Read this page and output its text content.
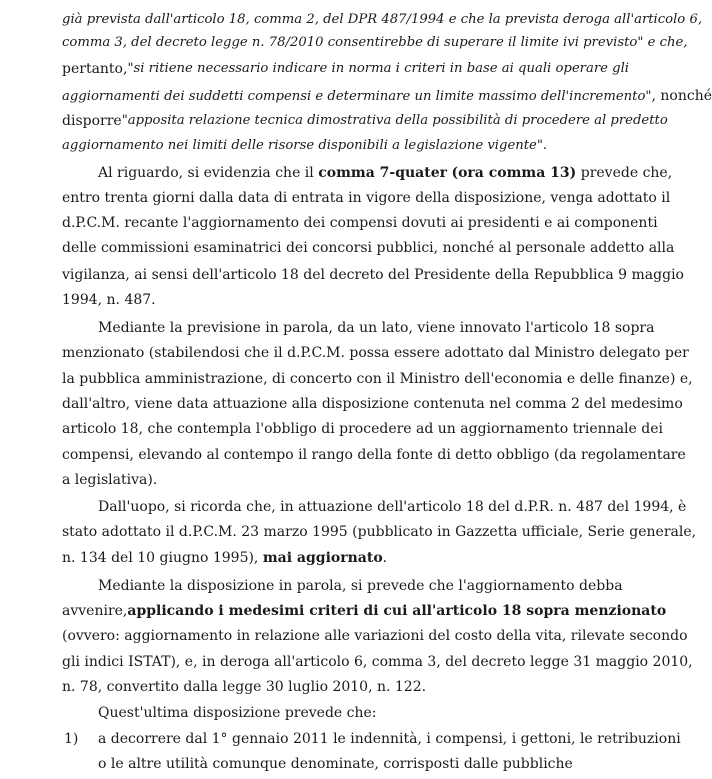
già prevista dall'articolo 18, comma 2, del DPR 487/1994 e che la prevista deroga all'articolo 6,
comma 3, del decreto legge n. 78/2010 consentirebbe di superare il limite ivi previsto" e che,
pertanto, "si ritiene necessario indicare in norma i criteri in base ai quali operare gli
aggiornamenti dei suddetti compensi e determinare un limite massimo dell'incremento", nonché
disporre "apposita relazione tecnica dimostrativa della possibilità di procedere al predetto
aggiornamento nei limiti delle risorse disponibili a legislazione vigente".
Al riguardo, si evidenzia che il comma 7-quater (ora comma 13) prevede che,
entro trenta giorni dalla data di entrata in vigore della disposizione, venga adottato il
d.P.C.M. recante l'aggiornamento dei compensi dovuti ai presidenti e ai componenti
delle commissioni esaminatrici dei concorsi pubblici, nonché al personale addetto alla
vigilanza, ai sensi dell'articolo 18 del decreto del Presidente della Repubblica 9 maggio
1994, n. 487.
Mediante la previsione in parola, da un lato, viene innovato l'articolo 18 sopra
menzionato (stabilendosi che il d.P.C.M. possa essere adottato dal Ministro delegato per
la pubblica amministrazione, di concerto con il Ministro dell'economia e delle finanze) e,
dall'altro, viene data attuazione alla disposizione contenuta nel comma 2 del medesimo
articolo 18, che contempla l'obbligo di procedere ad un aggiornamento triennale dei
compensi, elevando al contempo il rango della fonte di detto obbligo (da regolamentare
a legislativa).
Dall'uopo, si ricorda che, in attuazione dell'articolo 18 del d.P.R. n. 487 del 1994, è
stato adottato il d.P.C.M. 23 marzo 1995 (pubblicato in Gazzetta ufficiale, Serie generale,
n. 134 del 10 giugno 1995), mai aggiornato.
Mediante la disposizione in parola, si prevede che l'aggiornamento debba
avvenire, applicando i medesimi criteri di cui all'articolo 18 sopra menzionato
(ovvero: aggiornamento in relazione alle variazioni del costo della vita, rilevate secondo
gli indici ISTAT), e, in deroga all'articolo 6, comma 3, del decreto legge 31 maggio 2010,
n. 78, convertito dalla legge 30 luglio 2010, n. 122.
Quest'ultima disposizione prevede che:
1) a decorrere dal 1° gennaio 2011 le indennità, i compensi, i gettoni, le retribuzioni
o le altre utilità comunque denominate, corrisposti dalle pubbliche
